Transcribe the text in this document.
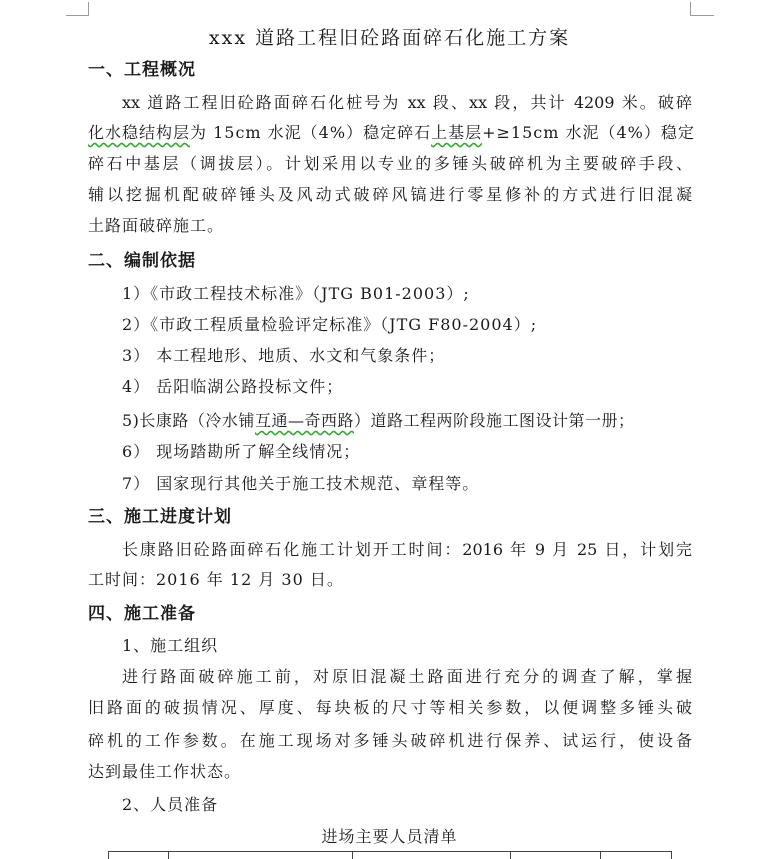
xxx 道路工程旧砼路面碎石化施工方案
一、工程概况
xx 道路工程旧砼路面碎石化桩号为 xx 段、xx 段，共计 4209 米。破碎
化水稳结构层为 15cm 水泥（4%）稳定碎石上基层+≥15cm 水泥（4%）稳定
碎石中基层（调拔层）。计划采用以专业的多锤头破碎机为主要破碎手段、
辅以挖掘机配破碎锤头及风动式破碎风镐进行零星修补的方式进行旧混凝
土路面破碎施工。
二、编制依据
1）《市政工程技术标准》（JTG B01-2003）;
2）《市政工程质量检验评定标准》（JTG F80-2004）;
3） 本工程地形、地质、水文和气象条件；
4） 岳阳临湖公路投标文件；
5)长康路（冷水铺互通—奇西路）道路工程两阶段施工图设计第一册；
6） 现场踏勘所了解全线情况；
7） 国家现行其他关于施工技术规范、章程等。
三、施工进度计划
长康路旧砼路面碎石化施工计划开工时间：2016 年 9 月 25 日，计划完
工时间：2016 年 12 月 30 日。
四、施工准备
1、施工组织
进行路面破碎施工前，对原旧混凝土路面进行充分的调查了解，掌握
旧路面的破损情况、厚度、每块板的尺寸等相关参数，以便调整多锤头破
碎机的工作参数。在施工现场对多锤头破碎机进行保养、试运行，使设备
达到最佳工作状态。
2、人员准备
进场主要人员清单
